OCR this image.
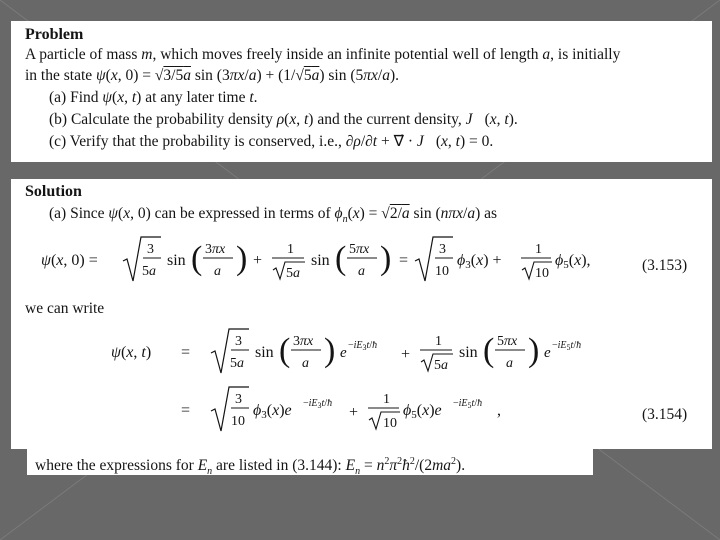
Problem
A particle of mass m, which moves freely inside an infinite potential well of length a, is initially
in the state ψ(x, 0) = √3/5a sin (3πx/a) + (1/√5a) sin (5πx/a).
(a) Find ψ(x, t) at any later time t.
(b) Calculate the probability density ρ(x, t) and the current density, J⃗(x, t).
(c) Verify that the probability is conserved, i.e., ∂ρ/∂t + ∇⃗ · J⃗(x, t) = 0.
Solution
(a) Since ψ(x, 0) can be expressed in terms of $\phi_n(x) = √2/a$ sin (nπx/a) as
ψ(x, 0) =
3
5a
sin ( 3πx
a ) +
1
5a
sin ( 5πx
a ) =
3
10
ϕ3(x) +
1
10
ϕ5(x),	(3.153)
we can write
ψ(x, t) =
3
5a
sin ( 3πx
a ) $e -iE_3t/ħ$
+
1
5a
sin ( 5πx
a ) $e -iE_5t/ħ$
=
3
10
$\phi 3(x)e -iE_3t/ħ$
+
1
10
$\phi 5(x)e -iE_5t/ħ$ ,	(3.154)
where the expressions for $E_n$ are listed in (3.144): $E_n$ = $n^2\pi^2ħ^2/(2ma^2)$.
